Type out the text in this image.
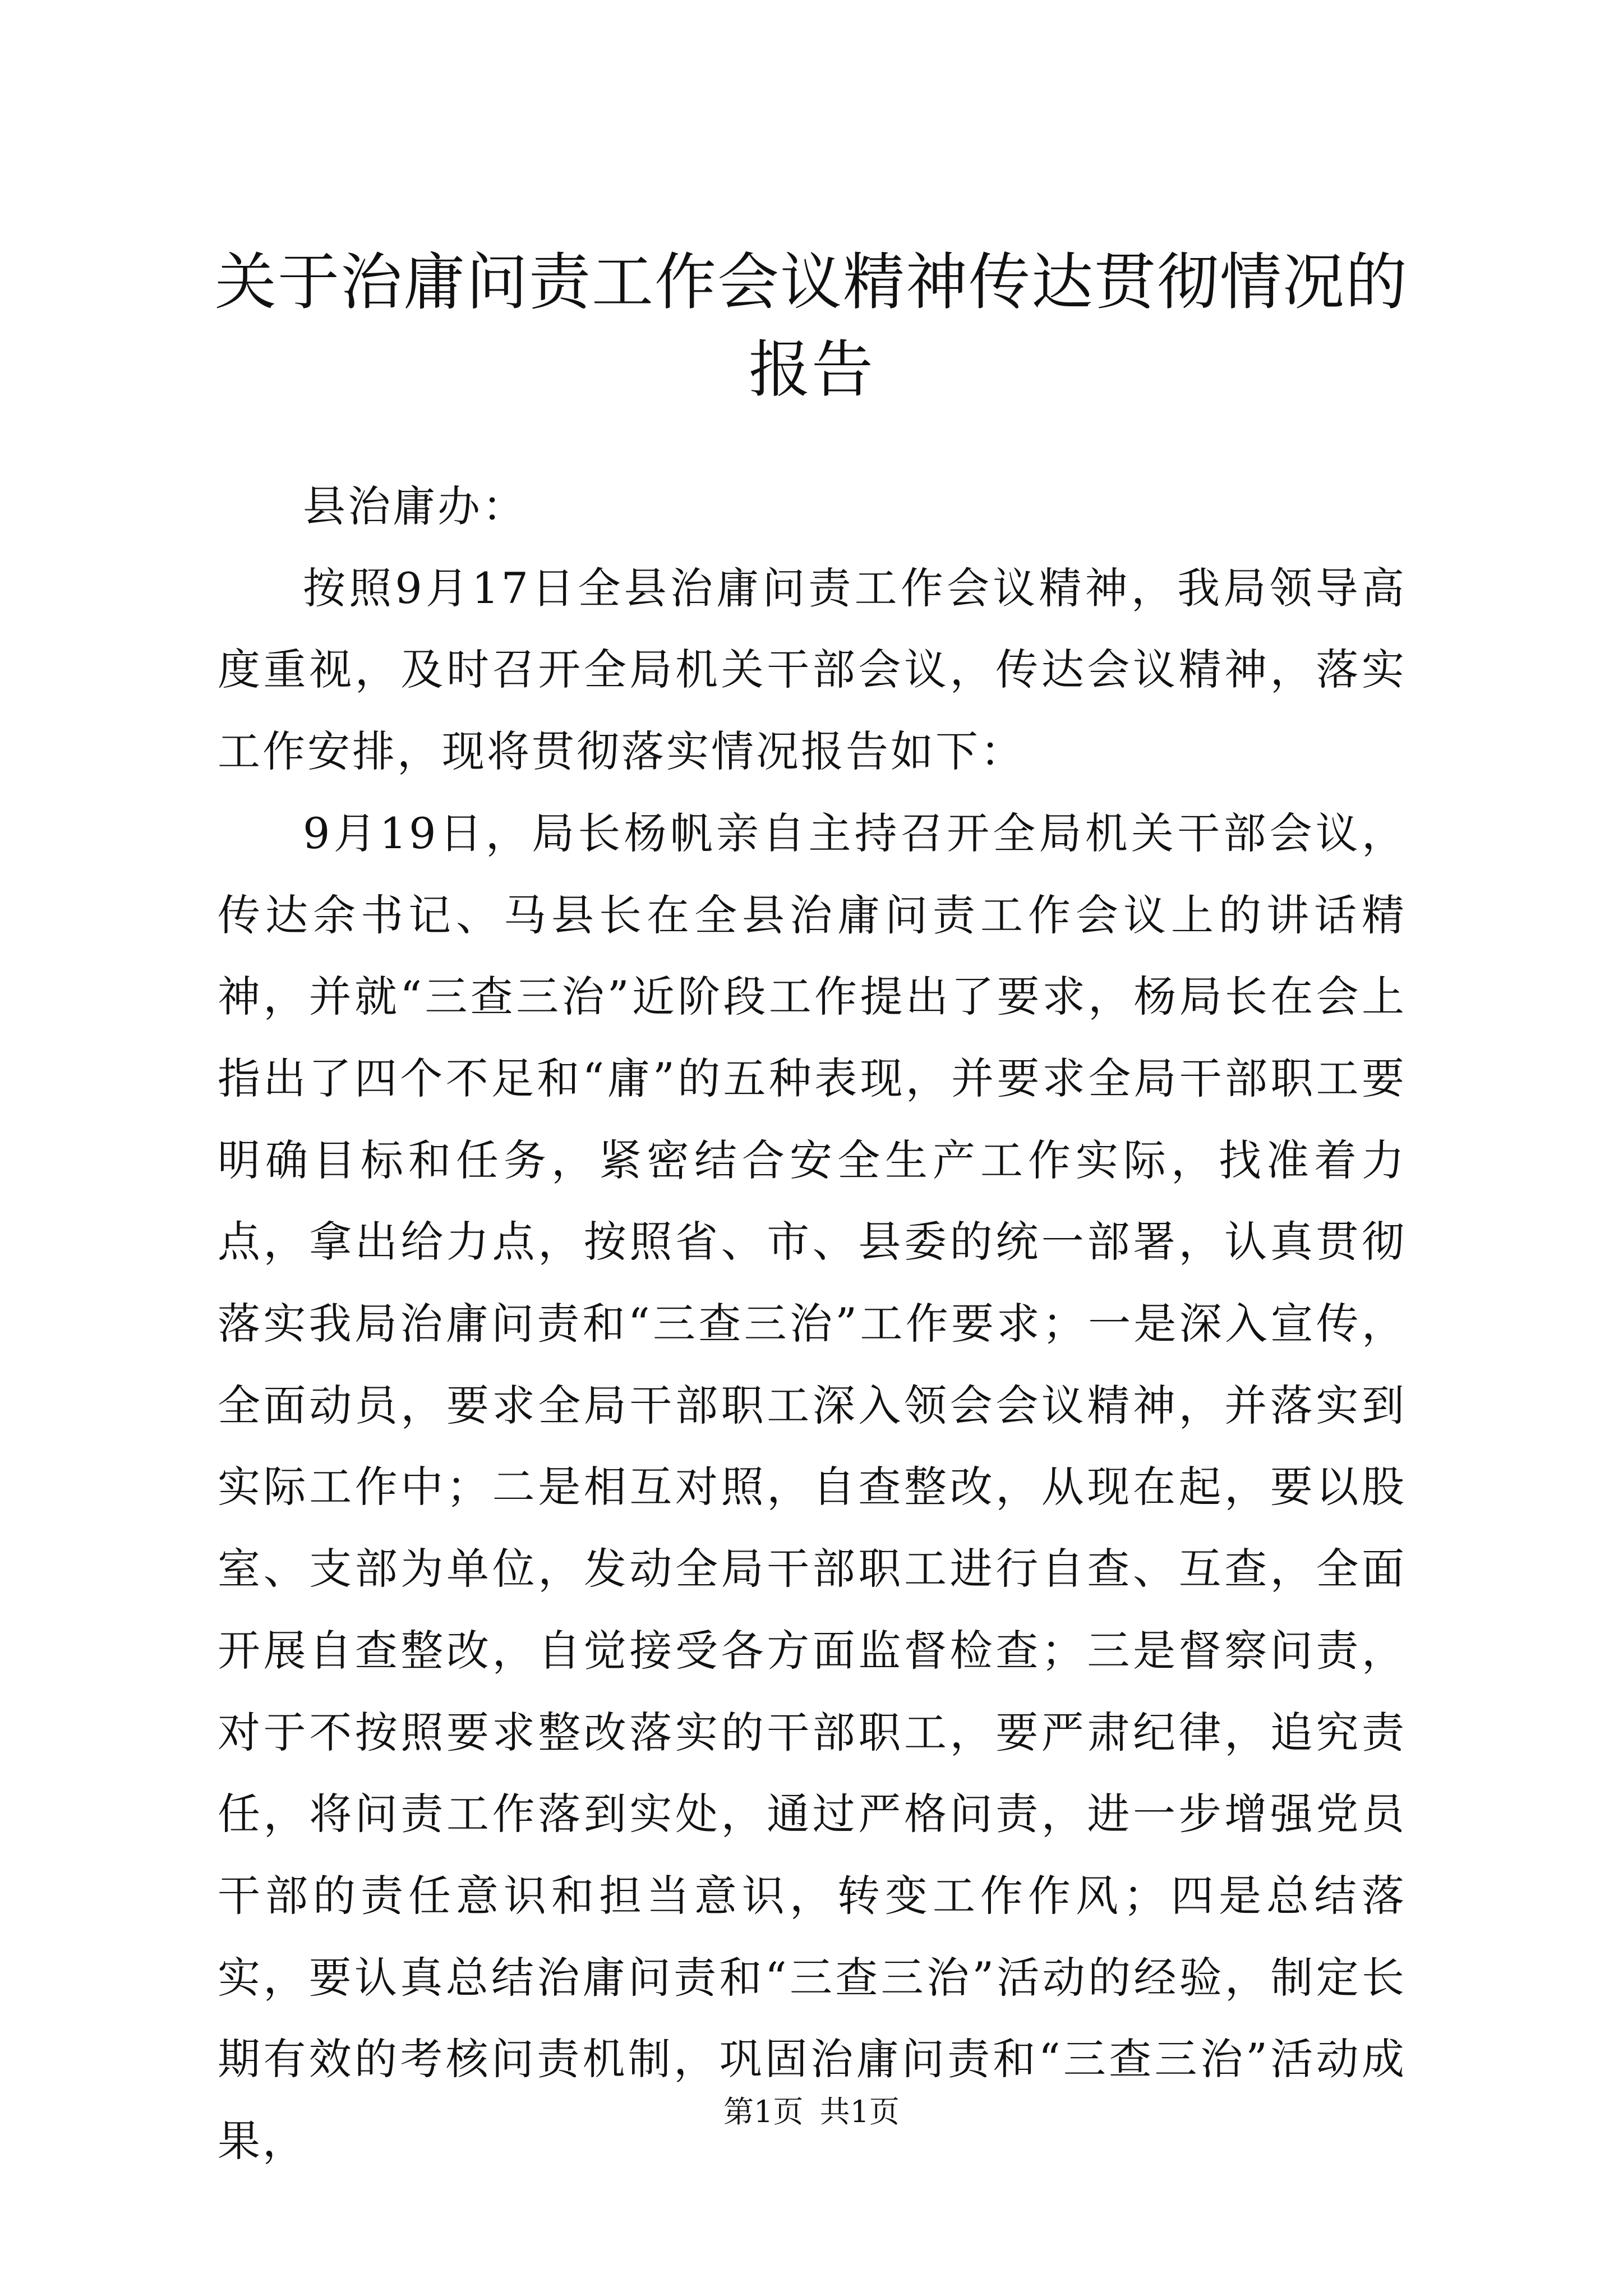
关于治庸问责工作会议精神传达贯彻情况的报告

县治庸办：

按照9月17日全县治庸问责工作会议精神，我局领导高度重视，及时召开全局机关干部会议，传达会议精神，落实工作安排，现将贯彻落实情况报告如下：

9月19日，局长杨帆亲自主持召开全局机关干部会议，传达余书记、马县长在全县治庸问责工作会议上的讲话精神，并就“三查三治”近阶段工作提出了要求，杨局长在会上指出了四个不足和“庸”的五种表现，并要求全局干部职工要明确目标和任务，紧密结合安全生产工作实际，找准着力点，拿出给力点，按照省、市、县委的统一部署，认真贯彻落实我局治庸问责和“三查三治”工作要求；一是深入宣传，全面动员，要求全局干部职工深入领会会议精神，并落实到实际工作中；二是相互对照，自查整改，从现在起，要以股室、支部为单位，发动全局干部职工进行自查、互查，全面开展自查整改，自觉接受各方面监督检查；三是督察问责，对于不按照要求整改落实的干部职工，要严肃纪律，追究责任，将问责工作落到实处，通过严格问责，进一步增强党员干部的责任意识和担当意识，转变工作作风；四是总结落实，要认真总结治庸问责和“三查三治”活动的经验，制定长期有效的考核问责机制，巩固治庸问责和“三查三治”活动成果，

第1页 共1页
